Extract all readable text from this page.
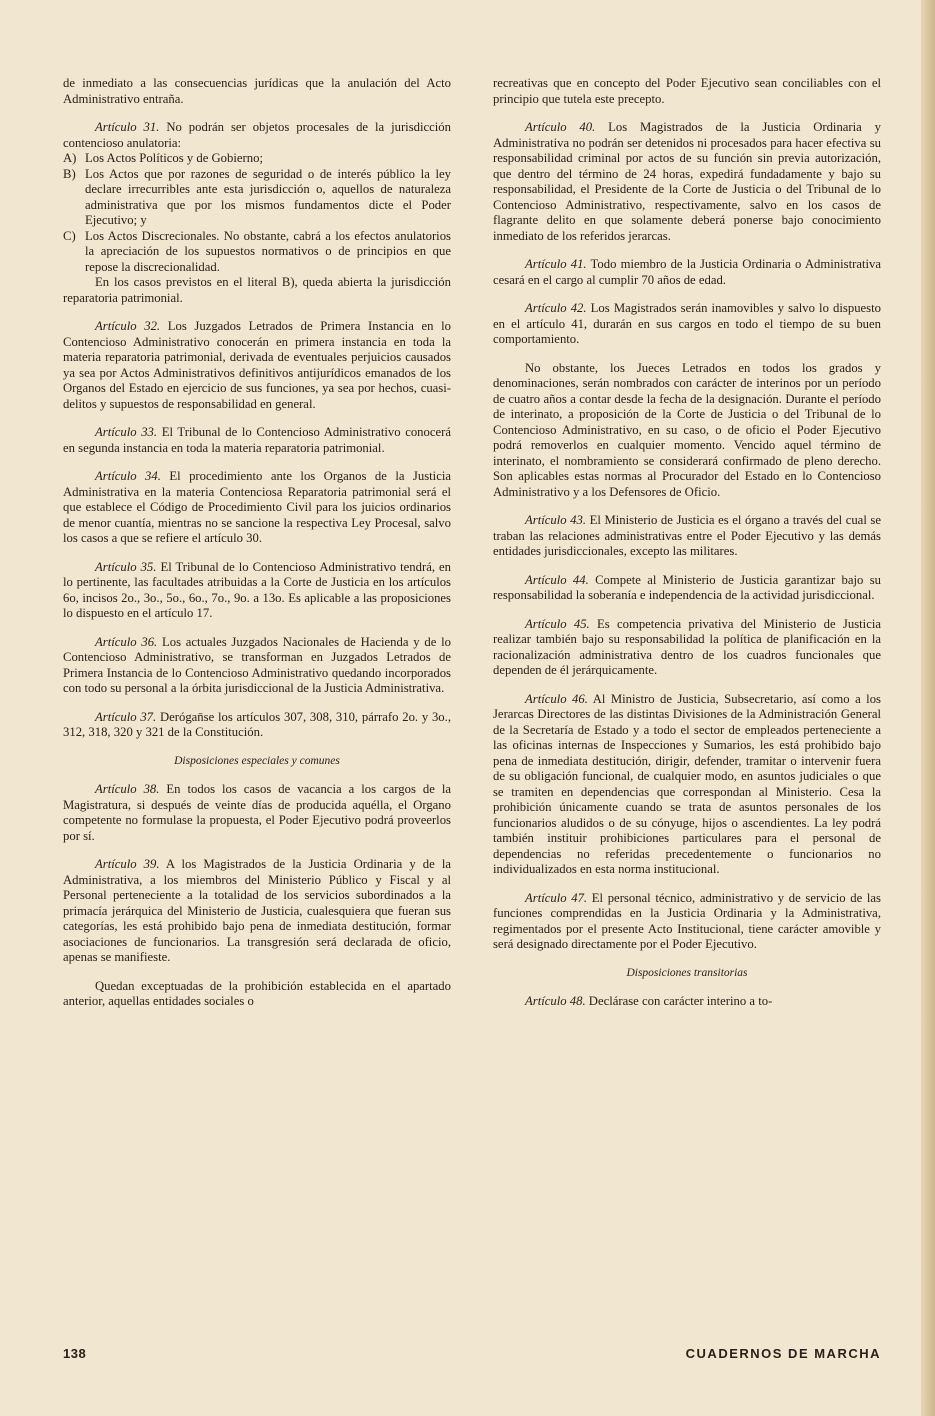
de inmediato a las consecuencias jurídicas que la anulación del Acto Administrativo entraña.

Artículo 31. No podrán ser objetos procesales de la jurisdicción contencioso anulatoria:

A) Los Actos Políticos y de Gobierno;
B) Los Actos que por razones de seguridad o de interés público la ley declare irrecurribles ante esta jurisdicción o, aquellos de naturaleza administrativa que por los mismos fundamentos dicte el Poder Ejecutivo; y
C) Los Actos Discrecionales. No obstante, cabrá a los efectos anulatorios la apreciación de los supuestos normativos o de principios en que repose la discrecionalidad.

En los casos previstos en el literal B), queda abierta la jurisdicción reparatoria patrimonial.

Artículo 32. Los Juzgados Letrados de Primera Instancia en lo Contencioso Administrativo conocerán en primera instancia en toda la materia reparatoria patrimonial, derivada de eventuales perjuicios causados ya sea por Actos Administrativos definitivos antijurídicos emanados de los Organos del Estado en ejercicio de sus funciones, ya sea por hechos, cuasi-delitos y supuestos de responsabilidad en general.

Artículo 33. El Tribunal de lo Contencioso Administrativo conocerá en segunda instancia en toda la materia reparatoria patrimonial.

Artículo 34. El procedimiento ante los Organos de la Justicia Administrativa en la materia Contenciosa Reparatoria patrimonial será el que establece el Código de Procedimiento Civil para los juicios ordinarios de menor cuantía, mientras no se sancione la respectiva Ley Procesal, salvo los casos a que se refiere el artículo 30.

Artículo 35. El Tribunal de lo Contencioso Administrativo tendrá, en lo pertinente, las facultades atribuidas a la Corte de Justicia en los artículos 6o, incisos 2o., 3o., 5o., 6o., 7o., 9o. a 13o. Es aplicable a las proposiciones lo dispuesto en el artículo 17.

Artículo 36. Los actuales Juzgados Nacionales de Hacienda y de lo Contencioso Administrativo, se transforman en Juzgados Letrados de Primera Instancia de lo Contencioso Administrativo quedando incorporados con todo su personal a la órbita jurisdiccional de la Justicia Administrativa.

Artículo 37. Derógan̄se los artículos 307, 308, 310, párrafo 2o. y 3o., 312, 318, 320 y 321 de la Constitución.

Disposiciones especiales y comunes

Artículo 38. En todos los casos de vacancia a los cargos de la Magistratura, si después de veinte días de producida aquélla, el Organo competente no formulase la propuesta, el Poder Ejecutivo podrá proveerlos por sí.

Artículo 39. A los Magistrados de la Justicia Ordinaria y de la Administrativa, a los miembros del Ministerio Público y Fiscal y al Personal perteneciente a la totalidad de los servicios subordinados a la primacía jerárquica del Ministerio de Justicia, cualesquiera que fueran sus categorías, les está prohibido bajo pena de inmediata destitución, formar asociaciones de funcionarios. La transgresión será declarada de oficio, apenas se manifieste.

Quedan exceptuadas de la prohibición establecida en el apartado anterior, aquellas entidades sociales o

recreativas que en concepto del Poder Ejecutivo sean conciliables con el principio que tutela este precepto.

Artículo 40. Los Magistrados de la Justicia Ordinaria y Administrativa no podrán ser detenidos ni procesados para hacer efectiva su responsabilidad criminal por actos de su función sin previa autorización, que dentro del término de 24 horas, expedirá fundadamente y bajo su responsabilidad, el Presidente de la Corte de Justicia o del Tribunal de lo Contencioso Administrativo, respectivamente, salvo en los casos de flagrante delito en que solamente deberá ponerse bajo conocimiento inmediato de los referidos jerarcas.

Artículo 41. Todo miembro de la Justicia Ordinaria o Administrativa cesará en el cargo al cumplir 70 años de edad.

Artículo 42. Los Magistrados serán inamovibles y salvo lo dispuesto en el artículo 41, durarán en sus cargos en todo el tiempo de su buen comportamiento.

No obstante, los Jueces Letrados en todos los grados y denominaciones, serán nombrados con carácter de interinos por un período de cuatro años a contar desde la fecha de la designación. Durante el período de interinato, a proposición de la Corte de Justicia o del Tribunal de lo Contencioso Administrativo, en su caso, o de oficio el Poder Ejecutivo podrá removerlos en cualquier momento. Vencido aquel término de interinato, el nombramiento se considerará confirmado de pleno derecho. Son aplicables estas normas al Procurador del Estado en lo Contencioso Administrativo y a los Defensores de Oficio.

Artículo 43. El Ministerio de Justicia es el órgano a través del cual se traban las relaciones administrativas entre el Poder Ejecutivo y las demás entidades jurisdiccionales, excepto las militares.

Artículo 44. Compete al Ministerio de Justicia garantizar bajo su responsabilidad la soberanía e independencia de la actividad jurisdiccional.

Artículo 45. Es competencia privativa del Ministerio de Justicia realizar también bajo su responsabilidad la política de planificación en la racionalización administrativa dentro de los cuadros funcionales que dependen de él jerárquicamente.

Artículo 46. Al Ministro de Justicia, Subsecretario, así como a los Jerarcas Directores de las distintas Divisiones de la Administración General de la Secretaría de Estado y a todo el sector de empleados perteneciente a las oficinas internas de Inspecciones y Sumarios, les está prohibido bajo pena de inmediata destitución, dirigir, defender, tramitar o intervenir fuera de su obligación funcional, de cualquier modo, en asuntos judiciales o que se tramiten en dependencias que correspondan al Ministerio. Cesa la prohibición únicamente cuando se trata de asuntos personales de los funcionarios aludidos o de su cónyuge, hijos o ascendientes. La ley podrá también instituir prohibiciones particulares para el personal de dependencias no referidas precedentemente o funcionarios no individualizados en esta norma institucional.

Artículo 47. El personal técnico, administrativo y de servicio de las funciones comprendidas en la Justicia Ordinaria y la Administrativa, regimentados por el presente Acto Institucional, tiene carácter amovible y será designado directamente por el Poder Ejecutivo.

Disposiciones transitorias

Artículo 48. Declárase con carácter interino a to-

138	CUADERNOS DE MARCHA
